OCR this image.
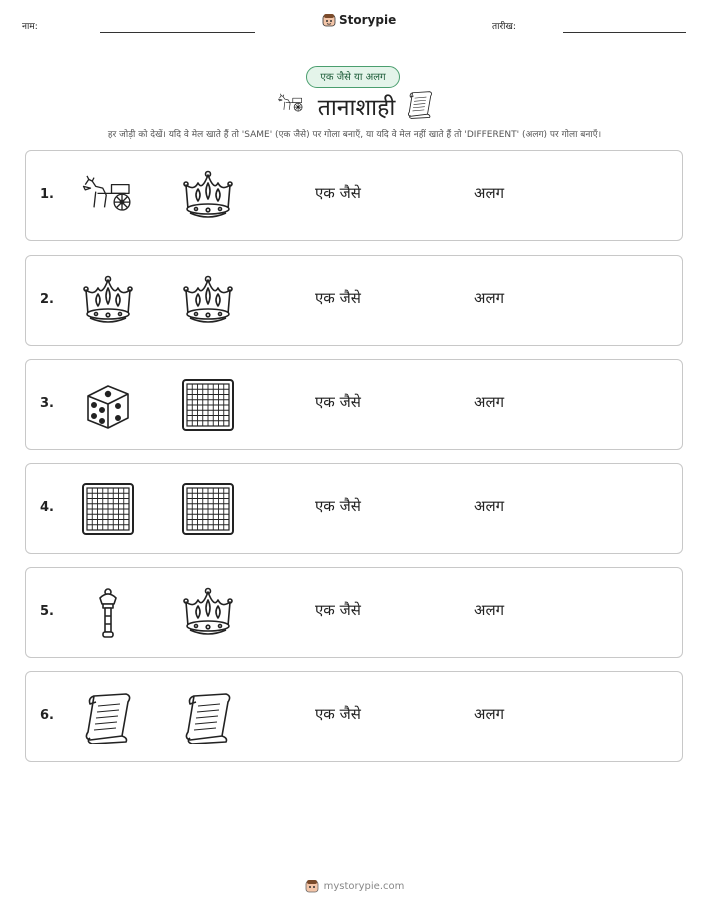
नाम:	Storypie	तारीख:
एक जैसे या अलग
तानाशाही
हर जोड़ी को देखें। यदि वे मेल खाते हैं तो 'SAME' (एक जैसे) पर गोला बनाएँ, या यदि वे मेल नहीं खाते हैं तो 'DIFFERENT' (अलग) पर गोला बनाएँ।
1.	एक जैसे	अलग
2.	एक जैसे	अलग
3.	एक जैसे	अलग
4.	एक जैसे	अलग
5.	एक जैसे	अलग
6.	एक जैसे	अलग
mystorypie.com
